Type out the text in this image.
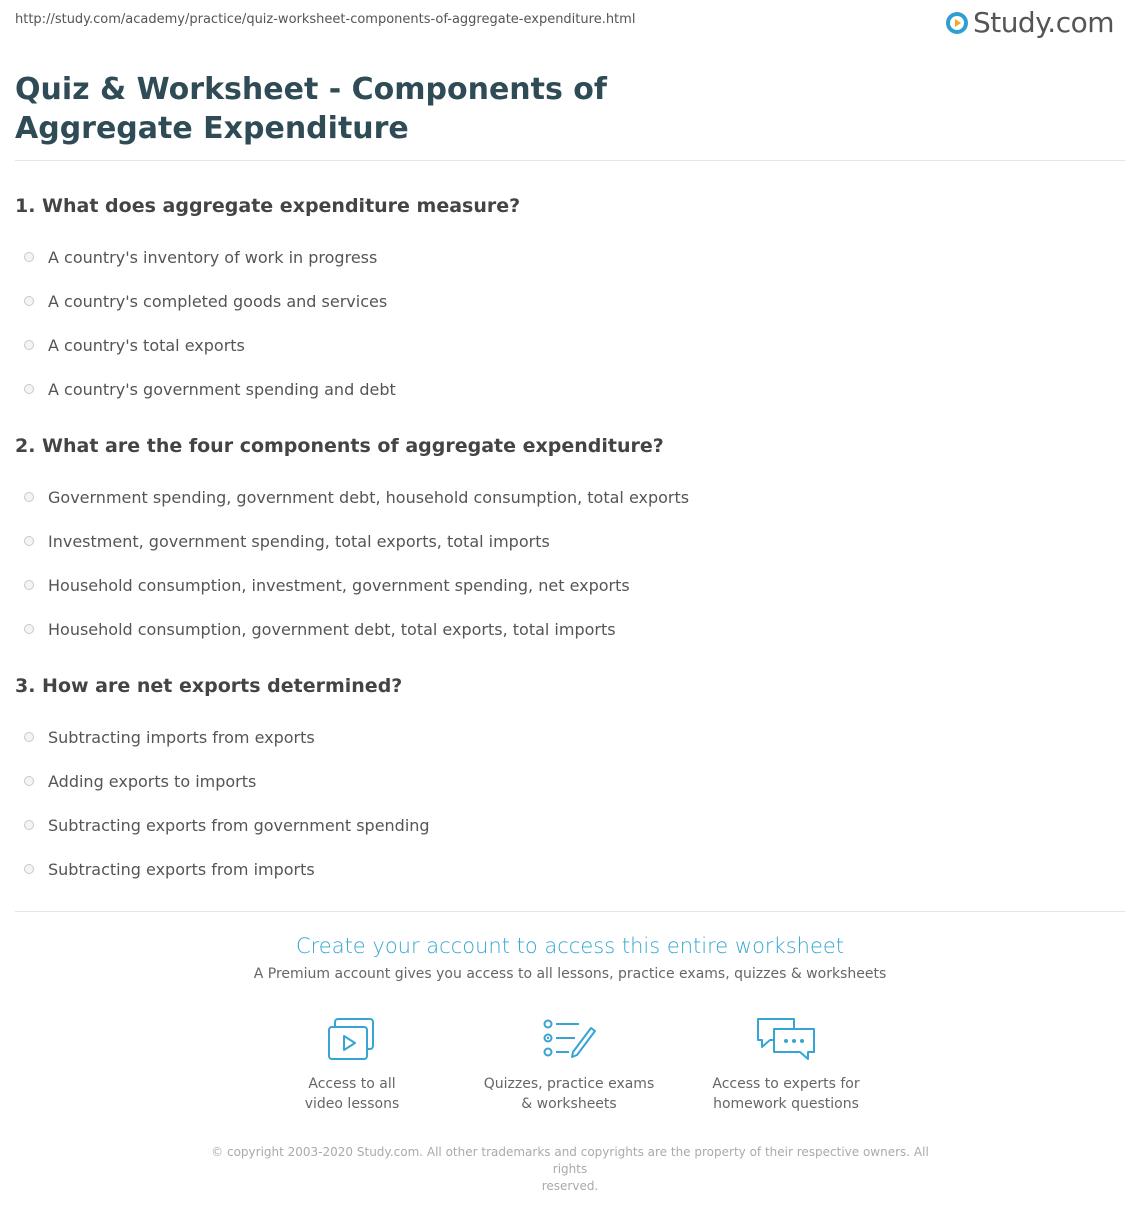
http://study.com/academy/practice/quiz-worksheet-components-of-aggregate-expenditure.html	Study.com
Quiz & Worksheet - Components of Aggregate Expenditure
1. What does aggregate expenditure measure?
A country's inventory of work in progress
A country's completed goods and services
A country's total exports
A country's government spending and debt
2. What are the four components of aggregate expenditure?
Government spending, government debt, household consumption, total exports
Investment, government spending, total exports, total imports
Household consumption, investment, government spending, net exports
Household consumption, government debt, total exports, total imports
3. How are net exports determined?
Subtracting imports from exports
Adding exports to imports
Subtracting exports from government spending
Subtracting exports from imports
Create your account to access this entire worksheet
A Premium account gives you access to all lessons, practice exams, quizzes & worksheets
Access to all
video lessons
Quizzes, practice exams
& worksheets
Access to experts for
homework questions
© copyright 2003-2020 Study.com. All other trademarks and copyrights are the property of their respective owners. All rights
reserved.
